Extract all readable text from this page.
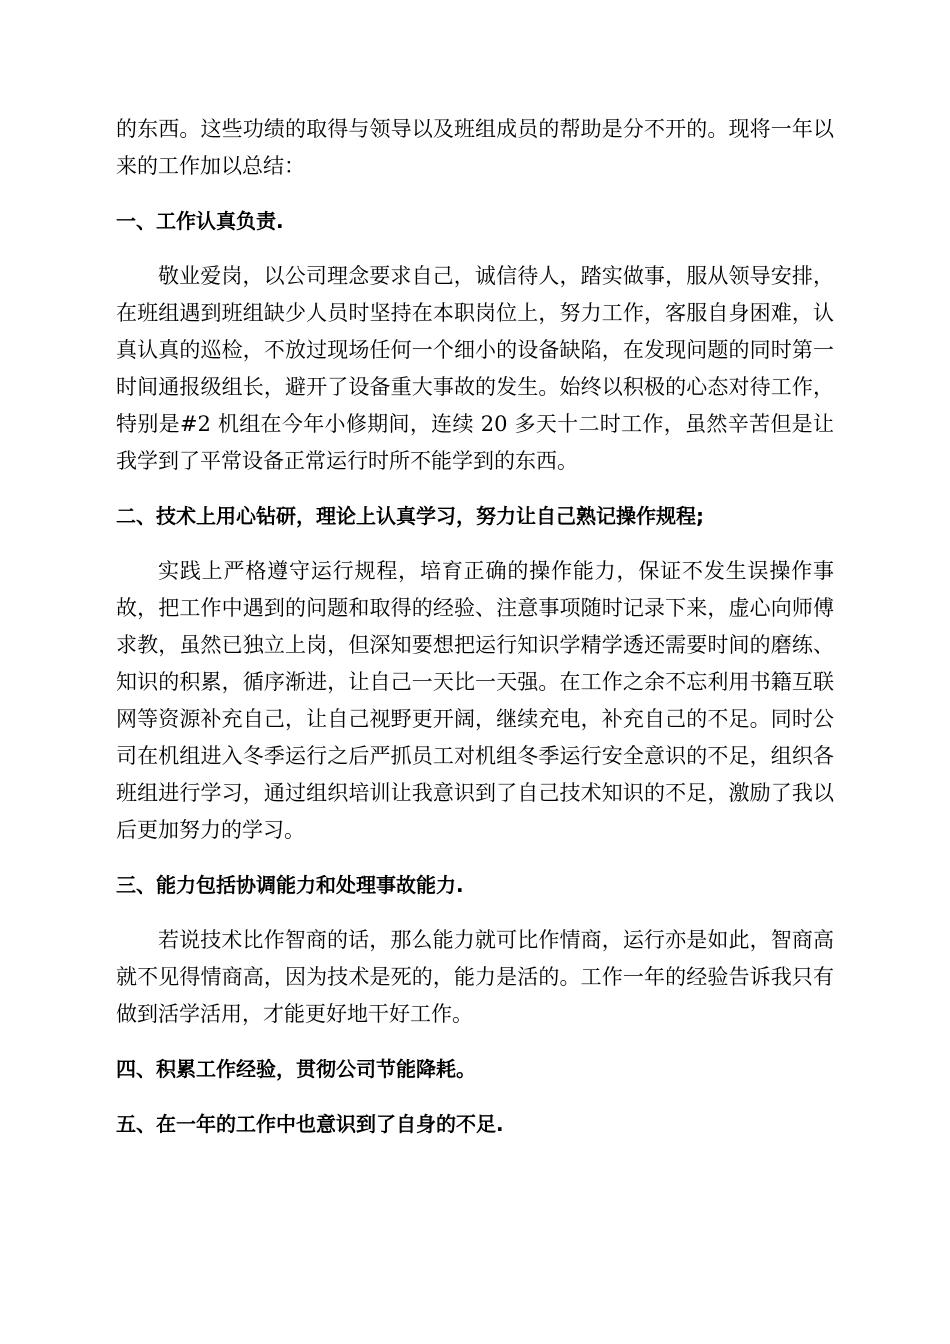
的东西。这些功绩的取得与领导以及班组成员的帮助是分不开的。现将一年以来的工作加以总结：

一、工作认真负责.

敬业爱岗，以公司理念要求自己，诚信待人，踏实做事，服从领导安排，在班组遇到班组缺少人员时坚持在本职岗位上，努力工作，客服自身困难，认真认真的巡检，不放过现场任何一个细小的设备缺陷，在发现问题的同时第一时间通报级组长，避开了设备重大事故的发生。始终以积极的心态对待工作，特别是#2 机组在今年小修期间，连续 20 多天十二时工作，虽然辛苦但是让我学到了平常设备正常运行时所不能学到的东西。

二、技术上用心钻研，理论上认真学习，努力让自己熟记操作规程;

实践上严格遵守运行规程，培育正确的操作能力，保证不发生误操作事故，把工作中遇到的问题和取得的经验、注意事项随时记录下来，虚心向师傅求教，虽然已独立上岗，但深知要想把运行知识学精学透还需要时间的磨练、知识的积累，循序渐进，让自己一天比一天强。在工作之余不忘利用书籍互联网等资源补充自己，让自己视野更开阔，继续充电，补充自己的不足。同时公司在机组进入冬季运行之后严抓员工对机组冬季运行安全意识的不足，组织各班组进行学习，通过组织培训让我意识到了自己技术知识的不足，激励了我以后更加努力的学习。

三、能力包括协调能力和处理事故能力.

若说技术比作智商的话，那么能力就可比作情商，运行亦是如此，智商高就不见得情商高，因为技术是死的，能力是活的。工作一年的经验告诉我只有做到活学活用，才能更好地干好工作。

四、积累工作经验，贯彻公司节能降耗。

五、在一年的工作中也意识到了自身的不足.
